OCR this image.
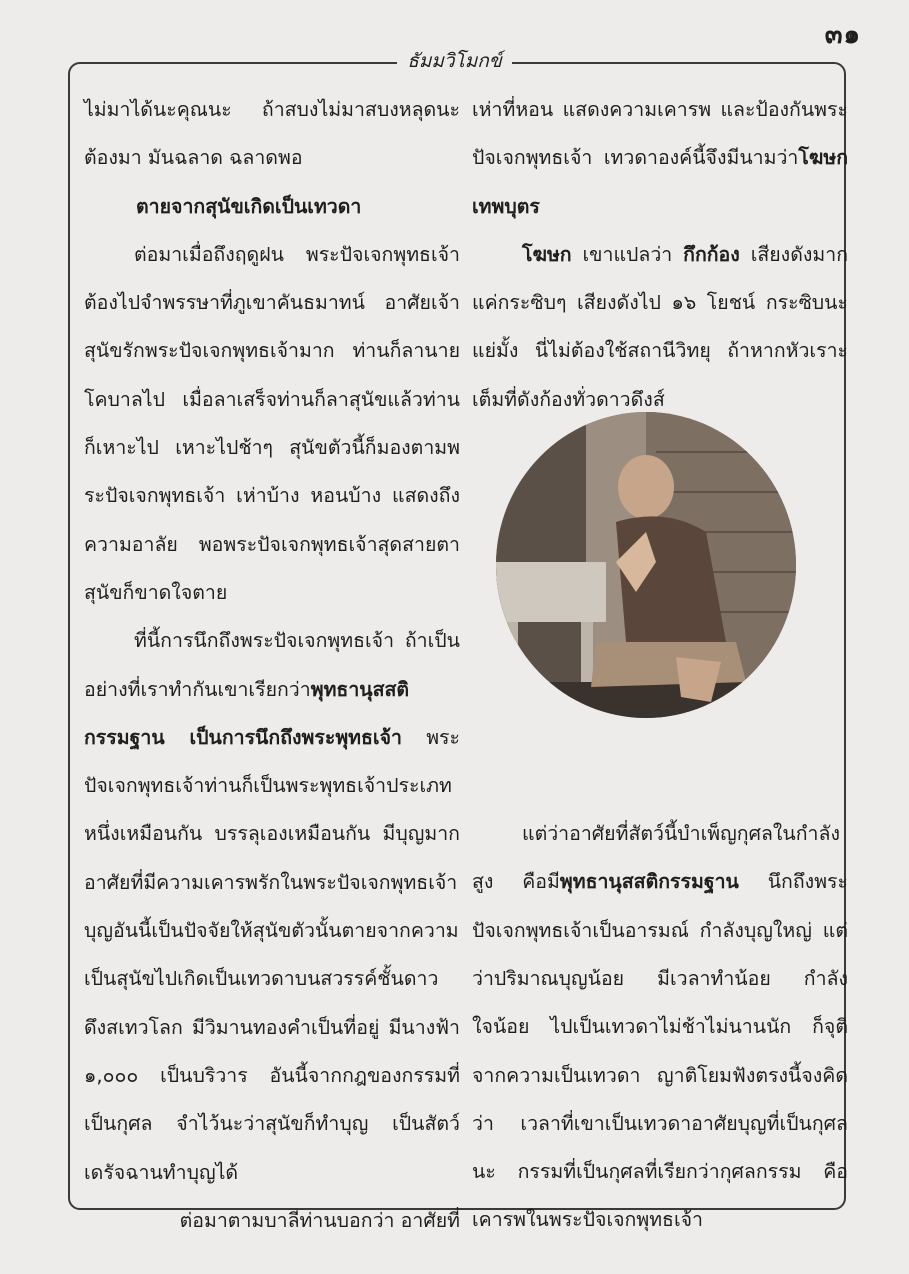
๓๑
ธัมมวิโมกข์

ไม่มาได้นะคุณนะ ถ้าสบงไม่มาสบงหลุดนะ ต้องมา มันฉลาด ฉลาดพอ

ตายจากสุนัขเกิดเป็นเทวดา

ต่อมาเมื่อถึงฤดูฝน พระปัจเจกพุทธเจ้าต้องไปจำพรรษาที่ภูเขาคันธมาทน์ อาศัยเจ้าสุนัขรักพระปัจเจกพุทธเจ้ามาก ท่านก็ลานายโคบาลไป เมื่อลาเสร็จท่านก็ลาสุนัขแล้วท่านก็เหาะไป เหาะไปช้าๆ สุนัขตัวนี้ก็มองตามพระปัจเจกพุทธเจ้า เห่าบ้าง หอนบ้าง แสดงถึงความอาลัย พอพระปัจเจกพุทธเจ้าสุดสายตา สุนัขก็ขาดใจตาย

ที่นี้การนึกถึงพระปัจเจกพุทธเจ้า ถ้าเป็นอย่างที่เราทำกันเขาเรียกว่าพุทธานุสสติกรรมฐาน เป็นการนึกถึงพระพุทธเจ้า พระปัจเจกพุทธเจ้าท่านก็เป็นพระพุทธเจ้าประเภทหนึ่งเหมือนกัน บรรลุเองเหมือนกัน มีบุญมาก อาศัยที่มีความเคารพรักในพระปัจเจกพุทธเจ้า บุญอันนี้เป็นปัจจัยให้สุนัขตัวนั้นตายจากความเป็นสุนัขไปเกิดเป็นเทวดาบนสวรรค์ชั้นดาวดึงสเทวโลก มีวิมานทองคำเป็นที่อยู่ มีนางฟ้า ๑,๐๐๐ เป็นบริวาร อันนี้จากกฎของกรรมที่เป็นกุศล จำไว้นะว่าสุนัขก็ทำบุญ เป็นสัตว์เดรัจฉานทำบุญได้

ต่อมาตามบาลีท่านบอกว่า อาศัยที่

เห่าที่หอน แสดงความเคารพ และป้องกันพระปัจเจกพุทธเจ้า เทวดาองค์นี้จึงมีนามว่าโฆษกเทพบุตร

โฆษก เขาแปลว่า กึกก้อง เสียงดังมาก แค่กระซิบๆ เสียงดังไป ๑๖ โยชน์ กระซิบนะ แย่มั้ง นี่ไม่ต้องใช้สถานีวิทยุ ถ้าหากหัวเราะเต็มที่ดังก้องทั่วดาวดึงส์

แต่ว่าอาศัยที่สัตว์นี้บำเพ็ญกุศลในกำลังสูง คือมีพุทธานุสสติกรรมฐาน นึกถึงพระปัจเจกพุทธเจ้าเป็นอารมณ์ กำลังบุญใหญ่ แต่ว่าปริมาณบุญน้อย มีเวลาทำน้อย กำลังใจน้อย ไปเป็นเทวดาไม่ช้าไม่นานนัก ก็จุติจากความเป็นเทวดา ญาติโยมฟังตรงนี้จงคิดว่า เวลาที่เขาเป็นเทวดาอาศัยบุญที่เป็นกุศลนะ กรรมที่เป็นกุศลที่เรียกว่ากุศลกรรม คือเคารพในพระปัจเจกพุทธเจ้า
